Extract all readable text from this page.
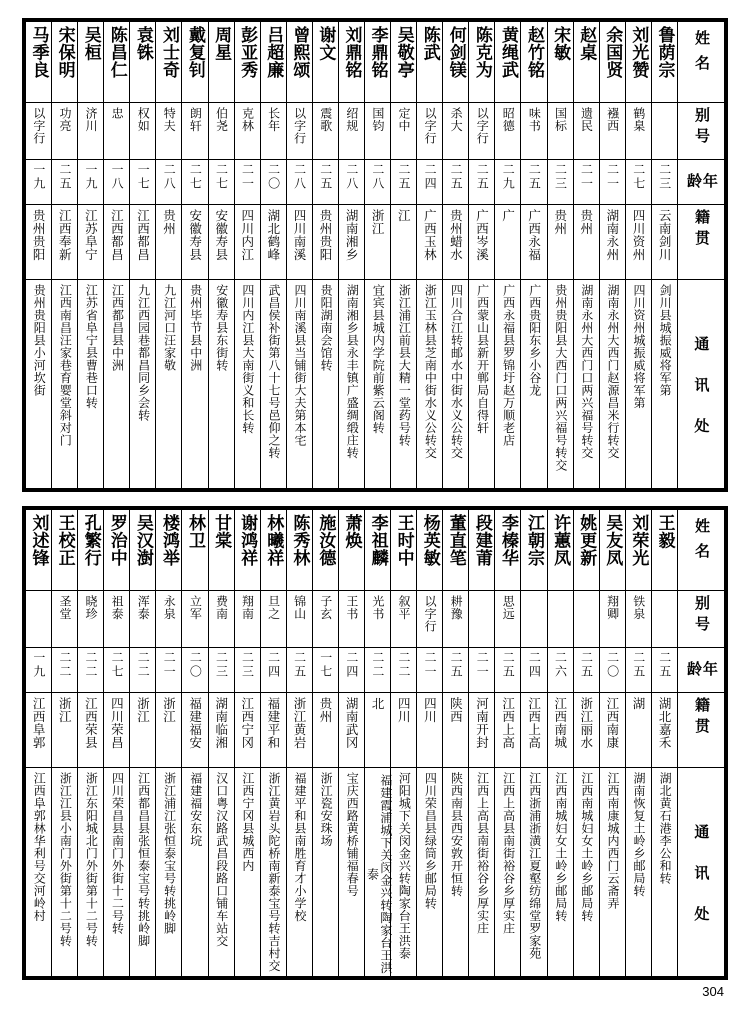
马季良	宋保明	吴桓	陈昌仁	袁铢	刘士奇	戴复钊	周星	彭亚秀	吕超廉	曾熙颂	谢文	刘鼎铭	李鼎铭	吴敬亭	陈武	何剑镁	陈克为	黄绳武	赵竹铭	宋敏	赵桌	余国贤	刘光赞	鲁荫宗	姓名

以字行	功亮	济川	忠	权如	特夫	朗轩	伯尧	克林	长年	以字行	震歌	绍规	国钧	定中	以字行	杀大	以字行	昭德	味书	国标	遗民	襁西	鹤臬		别号

一九	二五	一九	一八	一七	二八	二七	二七	二一	二〇	二八	二五	二八	二八	二五	二四	二五	二五	二九	二五	二三	二一	二一	二七	二三	年龄

贵州贵阳	江西奉新	江苏阜宁	江西都昌	江西都昌	贵州	安徽寿县	安徽寿县	四川内江	湖北鹤峰	四川南溪	贵州贵阳	湖南湘乡	浙江	江	广西玉林	贵州蜡水	广西岑溪	广	广西永福	贵州	贵州	湖南永州	四川资州	云南剑川	籍贯

贵州贵阳县小河坎街	江西南昌汪家巷育婴堂斜对门	江苏省阜宁县曹巷口转	江西都昌县中洲	九江西园巷都昌同乡会转	九江河口汪家敬	贵州毕节县中洲	安徽寿县东街转	四川内江县大南街义和长转	武昌侯补街第八十七号邑仰之转	四川南溪县当铺街大夫第本宅	贵阳湖南会馆转	湖南湘乡县永丰镇广盛绸缎庄转	宜宾县城内学院前紫云阁转	浙江浦江前县大精一堂药号转	浙江玉林县芝南中街水义公转交	四川合江转邮水中街水义公转交	广西蒙山县新开郸局自得轩	广西永福县罗锦圩赵万顺老店	广西贵阳东乡小谷龙	贵州贵阳县大西门口两兴福号转交	湖南永州大西门口两兴福号转交	湖南永州大西门赵源昌米行转交	四川资州城振威将军第	剑川县城振威将军第	通讯处
刘述锋	王校正	孔繁行	罗治中	吴汉澍	楼鸿举	林卫	甘棠	谢鸿祥	林曦祥	陈秀林	施汝德	萧焕	李祖麟	王时中	杨英敏	董直笔	段建莆	李榛华	江朝宗	许蕙凤	姚更新	吴友凤	刘荣光	王毅	姓名

	圣堂	晓珍	祖泰	浑泰	永泉	立军	费南	翔南	旦之	锦山	子玄	王书	光书	叙平	以字行	耕豫		思远				翔卿	铁泉		别号

一九	二二	二二	二七	二二	二一	二〇	二三	二三	二四	二五	一七	二四	二二	二二	二一	二五	二一	二五	二四	二六	二五	二〇	二五	二五	年龄

江西阜郭	浙江	江西荣县	四川荣昌	浙江	浙江	福建福安	湖南临湘	江西宁冈	福建平和	浙江黄岩	贵州	湖南武冈	北	四川	四川	陕西	河南开封	江西上高	江西上高	江西南城	浙江丽水	江西南康	湖	湖北嘉禾	籍贯

江西阜郭林华利号交河岭村	浙江江县小南门外街第十二号转	浙江东阳城北门外街第十二号转	四川荣昌县南门外街十二号转	江西都昌县张恒泰宝号转挑岭脚	浙江浦江张恒泰宝号转挑岭脚	福建福安东垸	汉口粤汉路武昌段路口铺车站交	江西宁冈县城西内	浙江黄岩头陀桥南新泰宝号转吉村交	福建平和县南胜育才小学校	浙江瓷安珠场	宝庆西路黄桥铺福春号	福建霞浦城下关闵金兴转陶家台王洪泰	河阳城下关闵金兴转陶家台王洪泰	四川荣昌县绿筒乡邮局转	陕西南县西安敦开恒转	江西上高县南街裕谷乡厚实庄	江西上高县南街裕谷乡厚实庄	江西浙浦浙潢江夏壑纺绵堂罗家苑	江西南城妇女土岭乡邮局转	江西南城妇女土岭乡邮局转	江西南康城内西门云斋弄	湖南恢复土岭乡邮局转	湖北黄石港李公和转	通讯处
304
